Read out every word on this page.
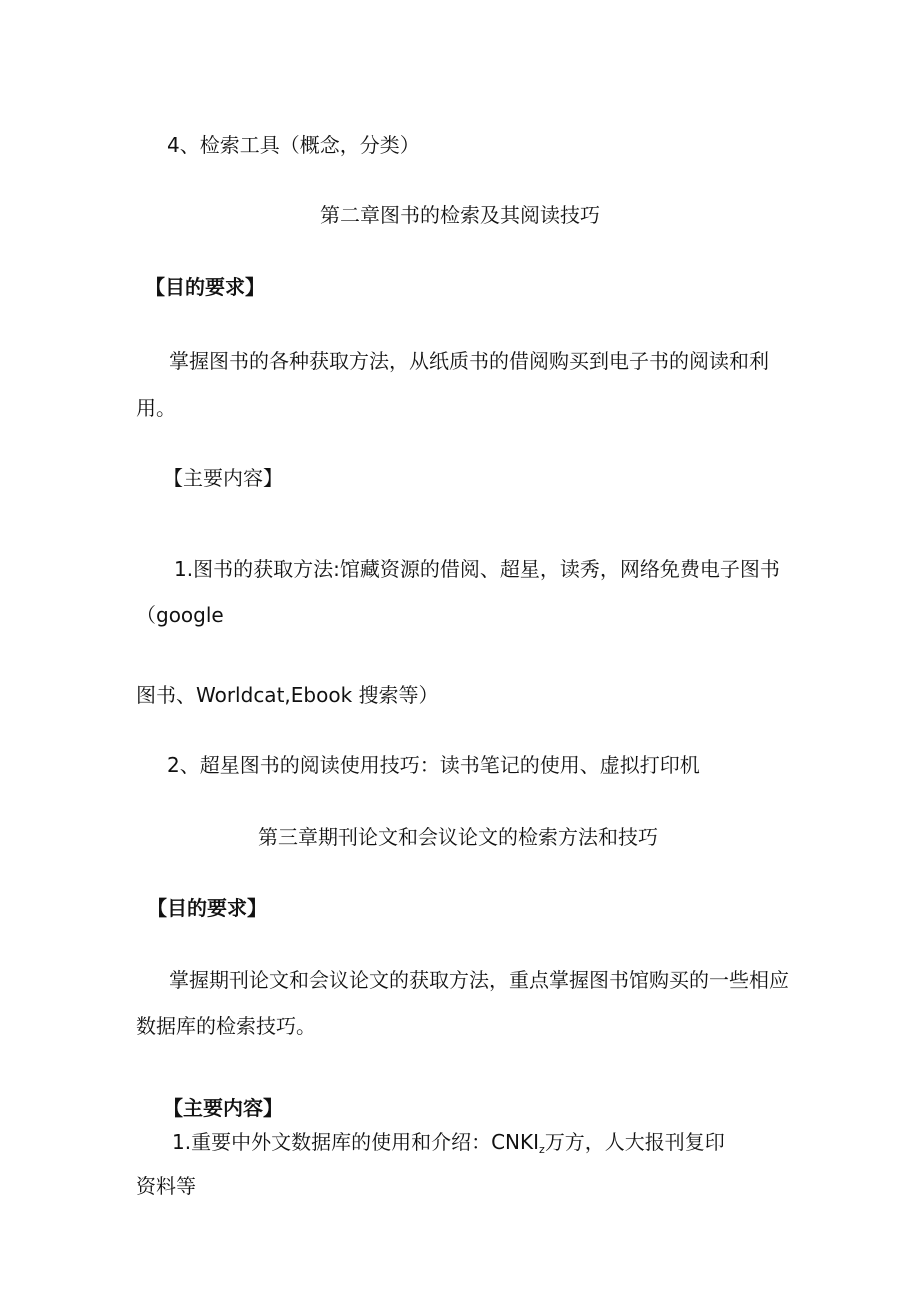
4、检索工具（概念，分类）

第二章图书的检索及其阅读技巧

【目的要求】

掌握图书的各种获取方法，从纸质书的借阅购买到电子书的阅读和利

用。

【主要内容】

1.图书的获取方法:馆藏资源的借阅、超星，读秀，网络免费电子图书

（google

图书、Worldcat,Ebook 搜索等）

2、超星图书的阅读使用技巧：读书笔记的使用、虚拟打印机

第三章期刊论文和会议论文的检索方法和技巧

【目的要求】

掌握期刊论文和会议论文的获取方法，重点掌握图书馆购买的一些相应

数据库的检索技巧。

【主要内容】

1.重要中外文数据库的使用和介绍：$CNKI_z$万方，人大报刊复印

资料等
